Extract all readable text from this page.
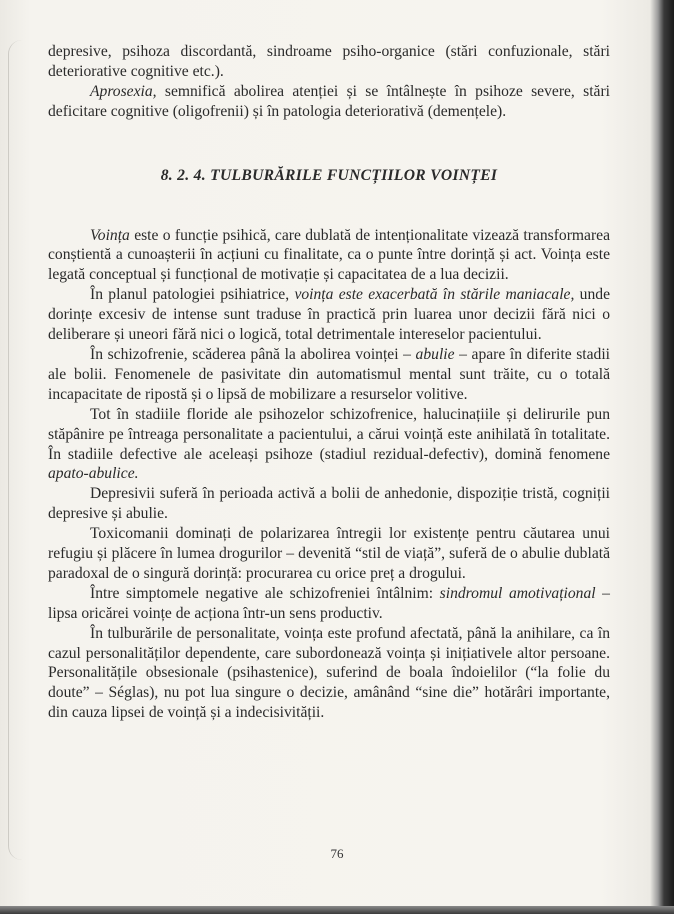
depresive, psihoza discordantă, sindroame psiho-organice (stări confuzionale, stări deteriorative cognitive etc.).

Aprosexia, semnifică abolirea atenției și se întâlnește în psihoze severe, stări deficitare cognitive (oligofrenii) și în patologia deteriorativă (demențele).

8. 2. 4. TULBURĂRILE FUNCȚIILOR VOINȚEI

Voința este o funcție psihică, care dublată de intenționalitate vizează transformarea conștientă a cunoașterii în acțiuni cu finalitate, ca o punte între dorință și act. Voința este legată conceptual și funcțional de motivație și capacitatea de a lua decizii.

În planul patologiei psihiatrice, voința este exacerbată în stările maniacale, unde dorințe excesiv de intense sunt traduse în practică prin luarea unor decizii fără nici o deliberare și uneori fără nici o logică, total detrimentale intereselor pacientului.

În schizofrenie, scăderea până la abolirea voinței – abulie – apare în diferite stadii ale bolii. Fenomenele de pasivitate din automatismul mental sunt trăite, cu o totală incapacitate de ripostă și o lipsă de mobilizare a resurselor volitive.

Tot în stadiile floride ale psihozelor schizofrenice, halucinațiile și delirurile pun stăpânire pe întreaga personalitate a pacientului, a cărui voință este anihilată în totalitate. În stadiile defective ale aceleași psihoze (stadiul rezidual-defectiv), domină fenomene apato-abulice.

Depresivii suferă în perioada activă a bolii de anhedonie, dispoziție tristă, cogniții depresive și abulie.

Toxicomanii dominați de polarizarea întregii lor existențe pentru căutarea unui refugiu și plăcere în lumea drogurilor – devenită “stil de viață”, suferă de o abulie dublată paradoxal de o singură dorință: procurarea cu orice preț a drogului.

Între simptomele negative ale schizofreniei întâlnim: sindromul amotivațional – lipsa oricărei voințe de acționa într-un sens productiv.

În tulburările de personalitate, voința este profund afectată, până la anihilare, ca în cazul personalităților dependente, care subordonează voința și inițiativele altor persoane. Personalitățile obsesionale (psihastenice), suferind de boala îndoielilor (“la folie du doute” – Séglas), nu pot lua singure o decizie, amânând “sine die” hotărâri importante, din cauza lipsei de voință și a indecisivității.

76
